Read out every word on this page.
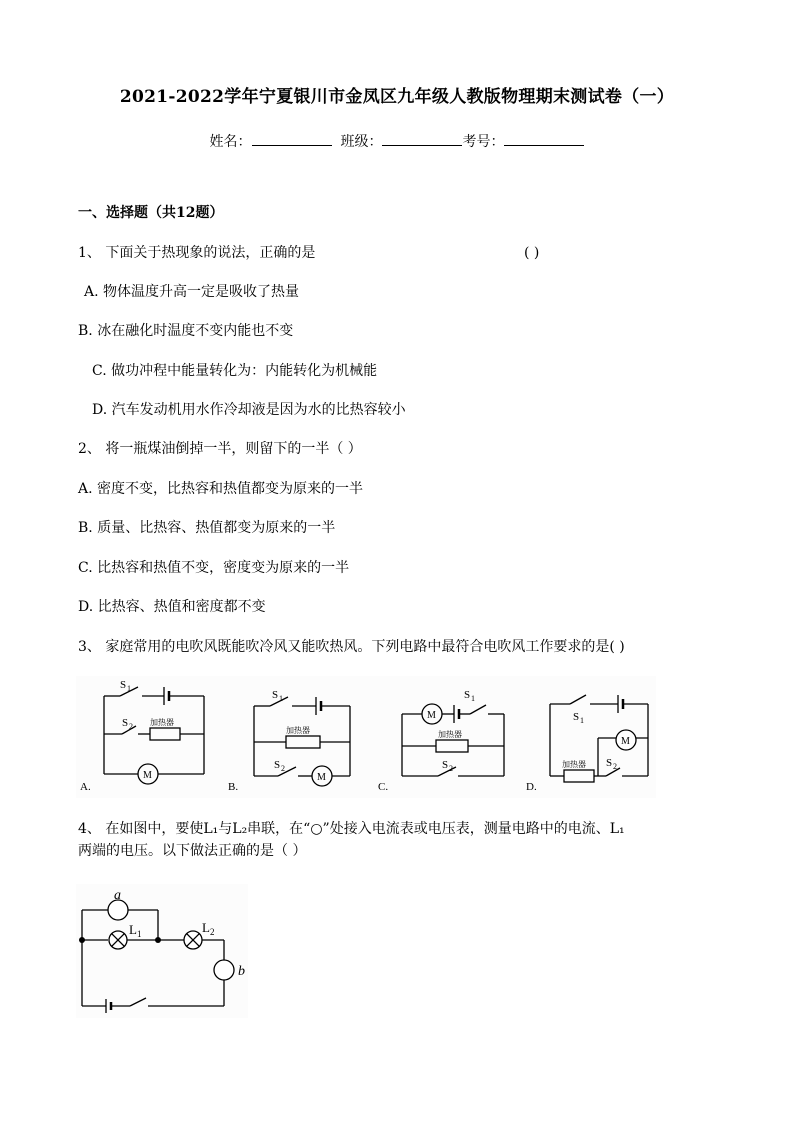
2021-2022学年宁夏银川市金凤区九年级人教版物理期末测试卷（一）
姓名：	班级：	考号：
一、选择题（共12题）
1、 下面关于热现象的说法，正确的是	( )
A. 物体温度升高一定是吸收了热量
B. 冰在融化时温度不变内能也不变
C. 做功冲程中能量转化为：内能转化为机械能
D. 汽车发动机用水作冷却液是因为水的比热容较小
2、 将一瓶煤油倒掉一半，则留下的一半（ ）
A. 密度不变，比热容和热值都变为原来的一半
B. 质量、比热容、热值都变为原来的一半
C. 比热容和热值不变，密度变为原来的一半
D. 比热容、热值和密度都不变
3、 家庭常用的电吹风既能吹冷风又能吹热风。下列电路中最符合电吹风工作要求的是( )
S 1
S 2 加热器
M
A.
S 1
加热器
S 2
M
B.
M
S 1
加热器
S 2
C.
S 1
M
加热器 S 2
D.
4、 在如图中，要使L₁与L₂串联，在“○”处接入电流表或电压表，测量电路中的电流、L₁
两端的电压。以下做法正确的是（ ）
a
b
L 1	L 2
